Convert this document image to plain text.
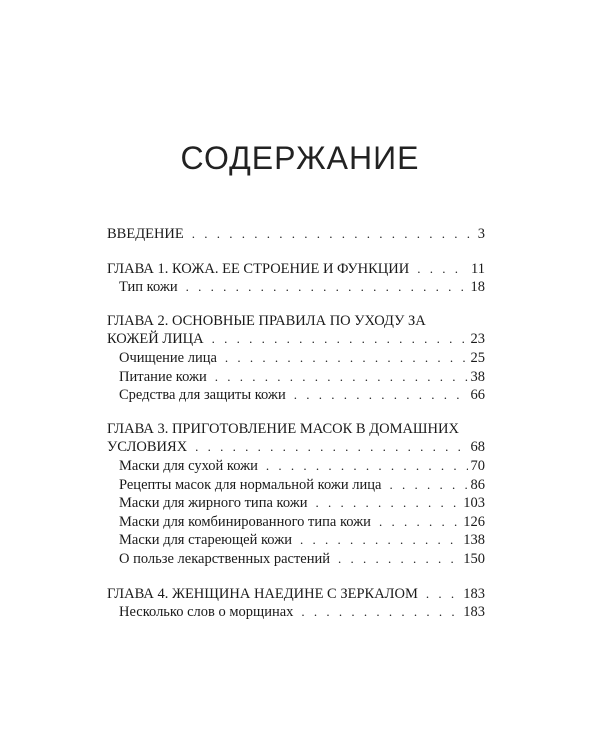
СОДЕРЖАНИЕ
ВВЕДЕНИЕ . . .	3
ГЛАВА 1. КОЖА. ЕЕ СТРОЕНИЕ И ФУНКЦИИ . . .	11
Тип кожи . . .	18
ГЛАВА 2. ОСНОВНЫЕ ПРАВИЛА ПО УХОДУ ЗА
КОЖЕЙ ЛИЦА . . .	23
Очищение лица . . .	25
Питание кожи . . .	38
Средства для защиты кожи . . .	66
ГЛАВА 3. ПРИГОТОВЛЕНИЕ МАСОК В ДОМАШНИХ
УСЛОВИЯХ . . .	68
Маски для сухой кожи . . .	70
Рецепты масок для нормальной кожи лица . . .	86
Маски для жирного типа кожи . . .	103
Маски для комбинированного типа кожи . . .	126
Маски для стареющей кожи . . .	138
О пользе лекарственных растений . . .	150
ГЛАВА 4. ЖЕНЩИНА НАЕДИНЕ С ЗЕРКАЛОМ . . .	183
Несколько слов о морщинах . . .	183
